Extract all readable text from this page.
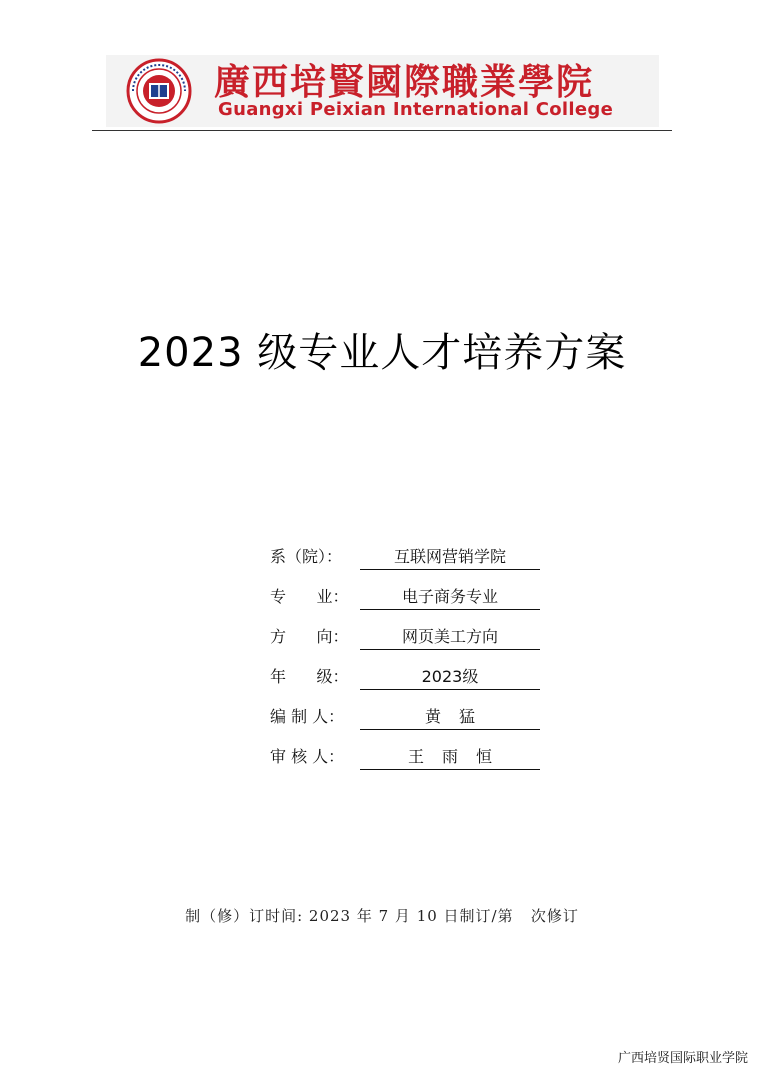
廣西培賢國際職業學院
Guangxi Peixian International College
2023 级专业人才培养方案
系（院）：	互联网营销学院
专      业：	电子商务专业
方      向：	网页美工方向
年      级：	2023级
编 制 人：	黄 猛
审 核 人：	王 雨 恒
制（修）订时间: 2023 年 7 月 10 日制订/第   次修订
广西培贤国际职业学院
